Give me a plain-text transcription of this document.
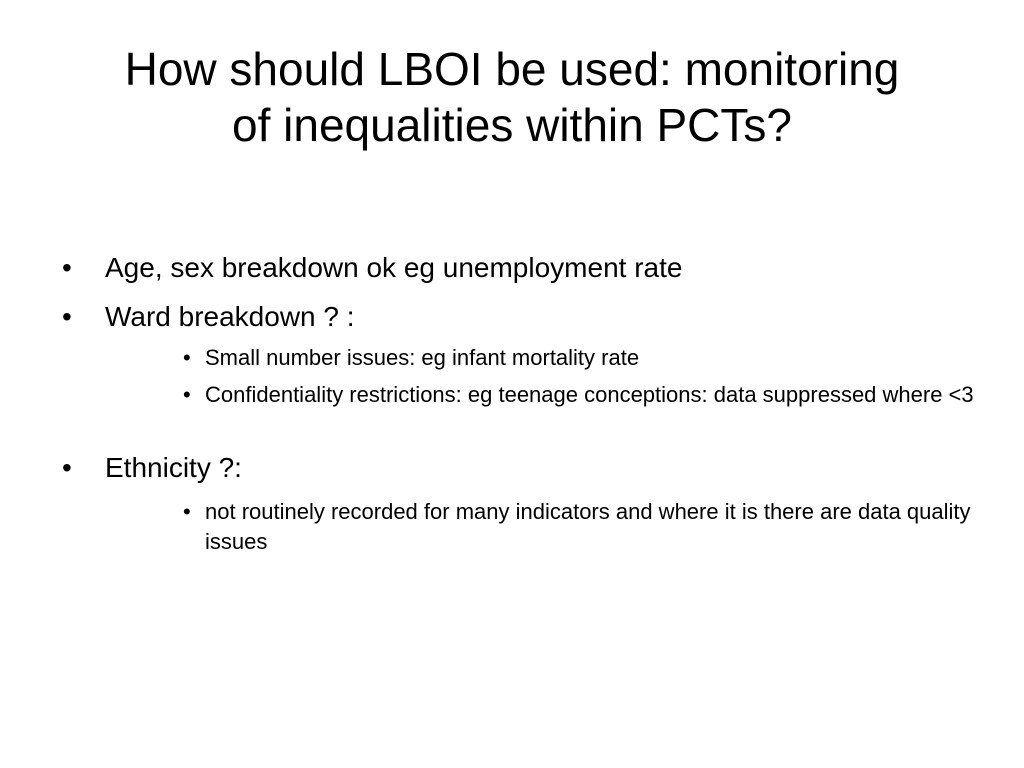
How should LBOI be used: monitoring
of inequalities within PCTs?
• Age, sex breakdown ok eg unemployment rate
• Ward breakdown ? :
• Small number issues: eg infant mortality rate
• Confidentiality restrictions: eg teenage conceptions: data suppressed where <3
• Ethnicity ?:
• not routinely recorded for many indicators and where it is there are data quality issues
